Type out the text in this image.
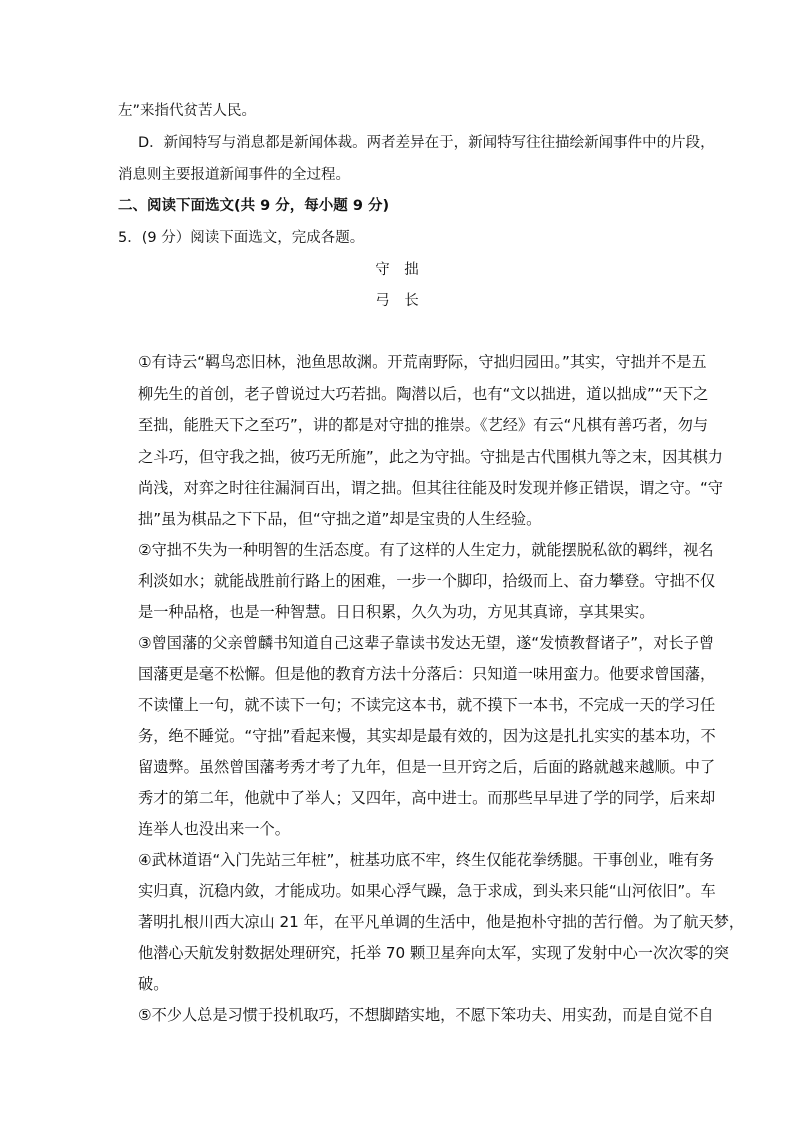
左”来指代贫苦人民。
D．新闻特写与消息都是新闻体裁。两者差异在于，新闻特写往往描绘新闻事件中的片段，
消息则主要报道新闻事件的全过程。
二、阅读下面选文(共 9 分，每小题 9 分)
5．(9 分）阅读下面选文，完成各题。
守　拙
弓　长
①有诗云“羁鸟恋旧林，池鱼思故渊。开荒南野际，守拙归园田。”其实，守拙并不是五
柳先生的首创，老子曾说过大巧若拙。陶潜以后，也有“文以拙进，道以拙成”“天下之
至拙，能胜天下之至巧”，讲的都是对守拙的推崇。《艺经》有云“凡棋有善巧者，勿与
之斗巧，但守我之拙，彼巧无所施”，此之为守拙。守拙是古代围棋九等之末，因其棋力
尚浅，对弈之时往往漏洞百出，谓之拙。但其往往能及时发现并修正错误，谓之守。“守
拙”虽为棋品之下下品，但“守拙之道”却是宝贵的人生经验。
②守拙不失为一种明智的生活态度。有了这样的人生定力，就能摆脱私欲的羁绊，视名
利淡如水；就能战胜前行路上的困难，一步一个脚印，拾级而上、奋力攀登。守拙不仅
是一种品格，也是一种智慧。日日积累，久久为功，方见其真谛，享其果实。
③曾国藩的父亲曾麟书知道自己这辈子靠读书发达无望，遂“发愤教督诸子”，对长子曾
国藩更是毫不松懈。但是他的教育方法十分落后：只知道一味用蛮力。他要求曾国藩，
不读懂上一句，就不读下一句；不读完这本书，就不摸下一本书，不完成一天的学习任
务，绝不睡觉。“守拙”看起来慢，其实却是最有效的，因为这是扎扎实实的基本功，不
留遗弊。虽然曾国藩考秀才考了九年，但是一旦开窍之后，后面的路就越来越顺。中了
秀才的第二年，他就中了举人；又四年，高中进士。而那些早早进了学的同学，后来却
连举人也没出来一个。
④武林道语“入门先站三年桩”，桩基功底不牢，终生仅能花拳绣腿。干事创业，唯有务
实归真，沉稳内敛，才能成功。如果心浮气躁，急于求成，到头来只能“山河依旧”。车
著明扎根川西大凉山 21 年，在平凡单调的生活中，他是抱朴守拙的苦行僧。为了航天梦，
他潜心天航发射数据处理研究，托举 70 颗卫星奔向太军，实现了发射中心一次次零的突
破。
⑤不少人总是习惯于投机取巧，不想脚踏实地，不愿下笨功夫、用实劲，而是自觉不自
